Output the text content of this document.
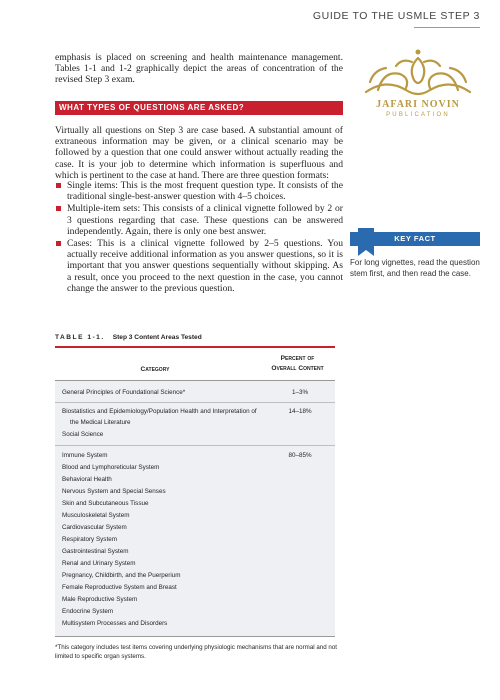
GUIDE TO THE USMLE STEP 3

emphasis is placed on screening and health maintenance management. Tables 1-1 and 1-2 graphically depict the areas of concentration of the revised Step 3 exam.

WHAT TYPES OF QUESTIONS ARE ASKED?

Virtually all questions on Step 3 are case based. A substantial amount of extraneous information may be given, or a clinical scenario may be followed by a question that one could answer without actually reading the case. It is your job to determine which information is superfluous and which is pertinent to the case at hand. There are three question formats:

Single items: This is the most frequent question type. It consists of the traditional single-best-answer question with 4–5 choices.
Multiple-item sets: This consists of a clinical vignette followed by 2 or 3 questions regarding that case. These questions can be answered independently. Again, there is only one best answer.
Cases: This is a clinical vignette followed by 2–5 questions. You actually receive additional information as you answer questions, so it is important that you answer questions sequentially without skipping. As a result, once you proceed to the next question in the case, you cannot change the answer to the previous question.
JAFARI NOVIN
PUBLICATION
KEY FACT
For long vignettes, read the question stem first, and then read the case.
TABLE 1-1. Step 3 Content Areas Tested
Percent of
Overall Content
Category
General Principles of Foundational Science*	1–3%
Biostatistics and Epidemiology/Population Health and Interpretation of
the Medical Literature
Social Science
14–18%
Immune System
Blood and Lymphoreticular System
Behavioral Health
Nervous System and Special Senses
Skin and Subcutaneous Tissue
Musculoskeletal System
Cardiovascular System
Respiratory System
Gastrointestinal System
Renal and Urinary System
Pregnancy, Childbirth, and the Puerperium
Female Reproductive System and Breast
Male Reproductive System
Endocrine System
Multisystem Processes and Disorders
80–85%
*This category includes test items covering underlying physiologic mechanisms that are normal and not limited to specific organ systems.
